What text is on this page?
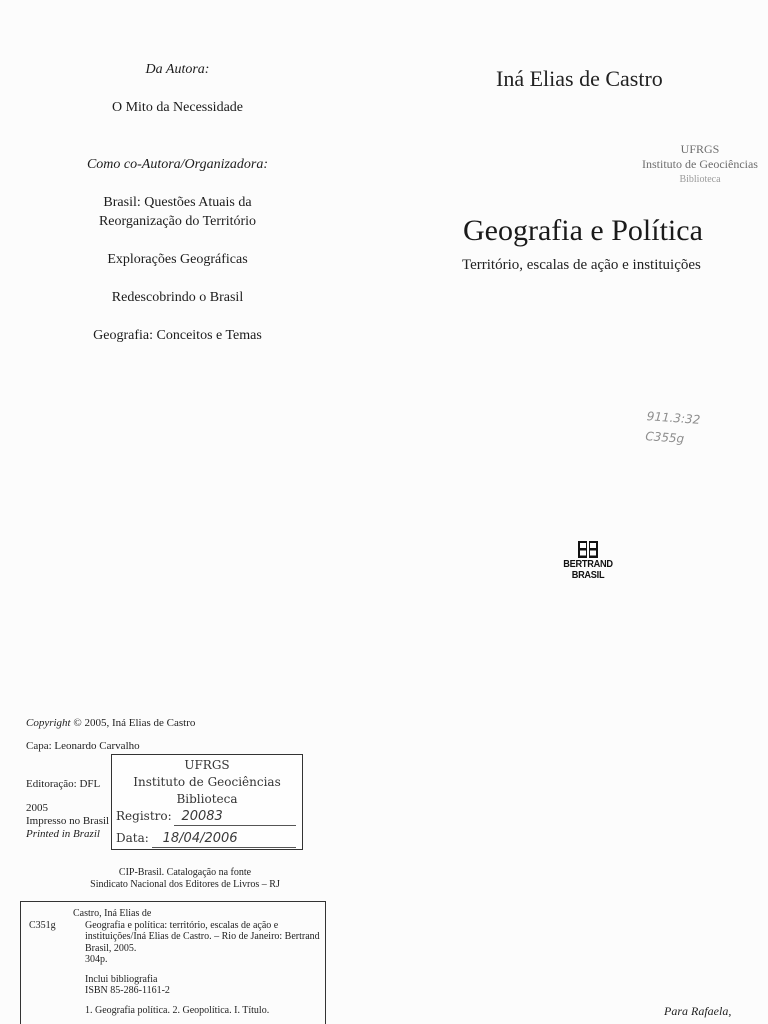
Da Autora:
O Mito da Necessidade
Como co-Autora/Organizadora:
Brasil: Questões Atuais da
Reorganização do Território
Explorações Geográficas
Redescobrindo o Brasil
Geografia: Conceitos e Temas
Iná Elias de Castro
UFRGS
Instituto de Geociências
Biblioteca
Geografia e Política
Território, escalas de ação e instituições
911.3:32
C355g
BERTRAND BRASIL
Copyright © 2005, Iná Elias de Castro
Capa: Leonardo Carvalho
Editoração: DFL
2005
Impresso no Brasil
Printed in Brazil
UFRGS
Instituto de Geociências
Biblioteca
Registro: 20083
Data: 18/04/2006
CIP-Brasil. Catalogação na fonte
Sindicato Nacional dos Editores de Livros – RJ
C351g
Castro, Iná Elias de
Geografia e política: território, escalas de ação e instituições/Iná Elias de Castro. – Rio de Janeiro: Bertrand Brasil, 2005.
304p.
Inclui bibliografia
ISBN 85-286-1161-2
1. Geografia política. 2. Geopolítica. I. Título.	Para Rafaela,
